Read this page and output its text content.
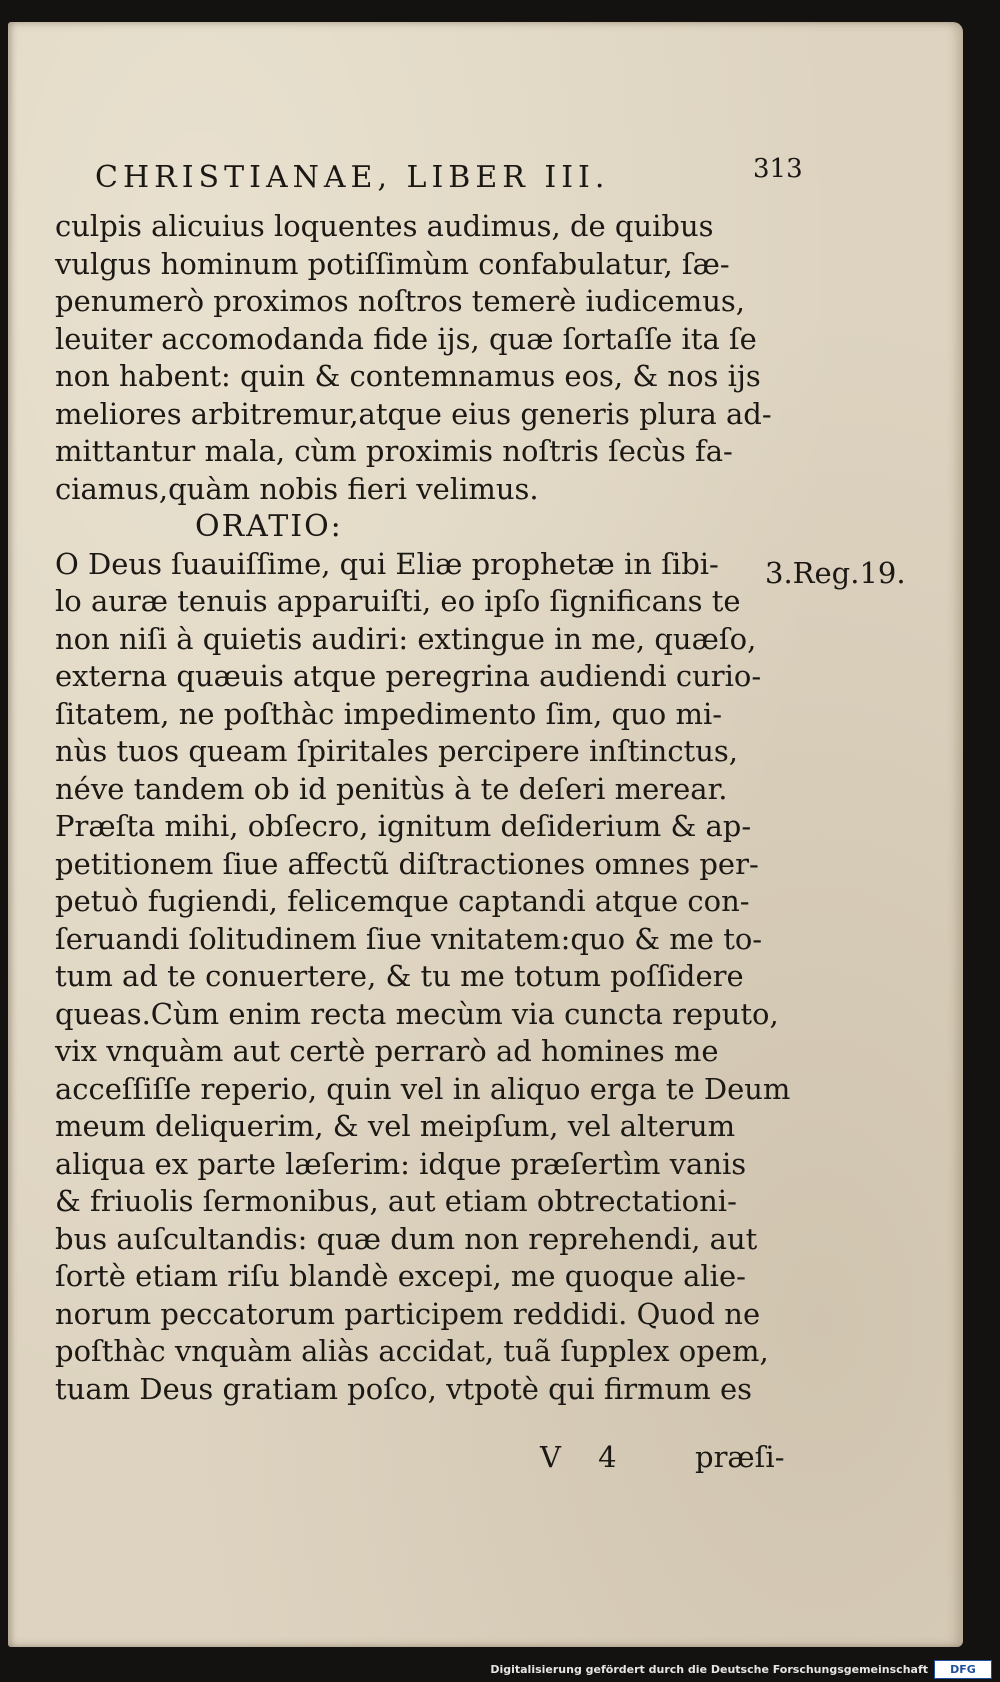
CHRISTIANAE, LIBER III.	313
culpis alicuius loquentes audimus, de quibus
vulgus hominum potiſſimùm confabulatur, ſæ-
penumerò proximos noſtros temerè iudicemus,
leuiter accomodanda fide ijs, quæ ſortaſſe ita ſe
non habent: quin & contemnamus eos, & nos ijs
meliores arbitremur,atque eius generis plura ad-
mittantur mala, cùm proximis noſtris ſecùs fa-
ciamus,quàm nobis fieri velimus.
ORATIO:
O Deus ſuauiſſime, qui Eliæ prophetæ in ſibi-
lo auræ tenuis apparuiſti, eo ipſo ſignificans te
non niſi à quietis audiri: extingue in me, quæſo,
externa quæuis atque peregrina audiendi curio-
ſitatem, ne poſthàc impedimento ſim, quo mi-
nùs tuos queam ſpiritales percipere inſtinctus,
néve tandem ob id penitùs à te deſeri merear.
Præſta mihi, obſecro, ignitum deſiderium & ap-
petitionem ſiue affectũ diſtractiones omnes per-
petuò fugiendi, felicemque captandi atque con-
ſeruandi ſolitudinem ſiue vnitatem:quo & me to-
tum ad te conuertere, & tu me totum poſſidere
queas.Cùm enim recta mecùm via cuncta reputo,
vix vnquàm aut certè perrarò ad homines me
acceſſiſſe reperio, quin vel in aliquo erga te Deum
meum deliquerim, & vel meipſum, vel alterum
aliqua ex parte læſerim: idque præſertìm vanis
& friuolis ſermonibus, aut etiam obtrectationi-
bus auſcultandis: quæ dum non reprehendi, aut
ſortè etiam riſu blandè excepi, me quoque alie-
norum peccatorum participem reddidi. Quod ne
poſthàc vnquàm aliàs accidat, tuã ſupplex opem,
tuam Deus gratiam poſco, vtpotè qui firmum es
3.Reg.19.
V 4 præſi-
Digitalisierung gefördert durch die Deutsche Forschungsgemeinschaft	DFG
